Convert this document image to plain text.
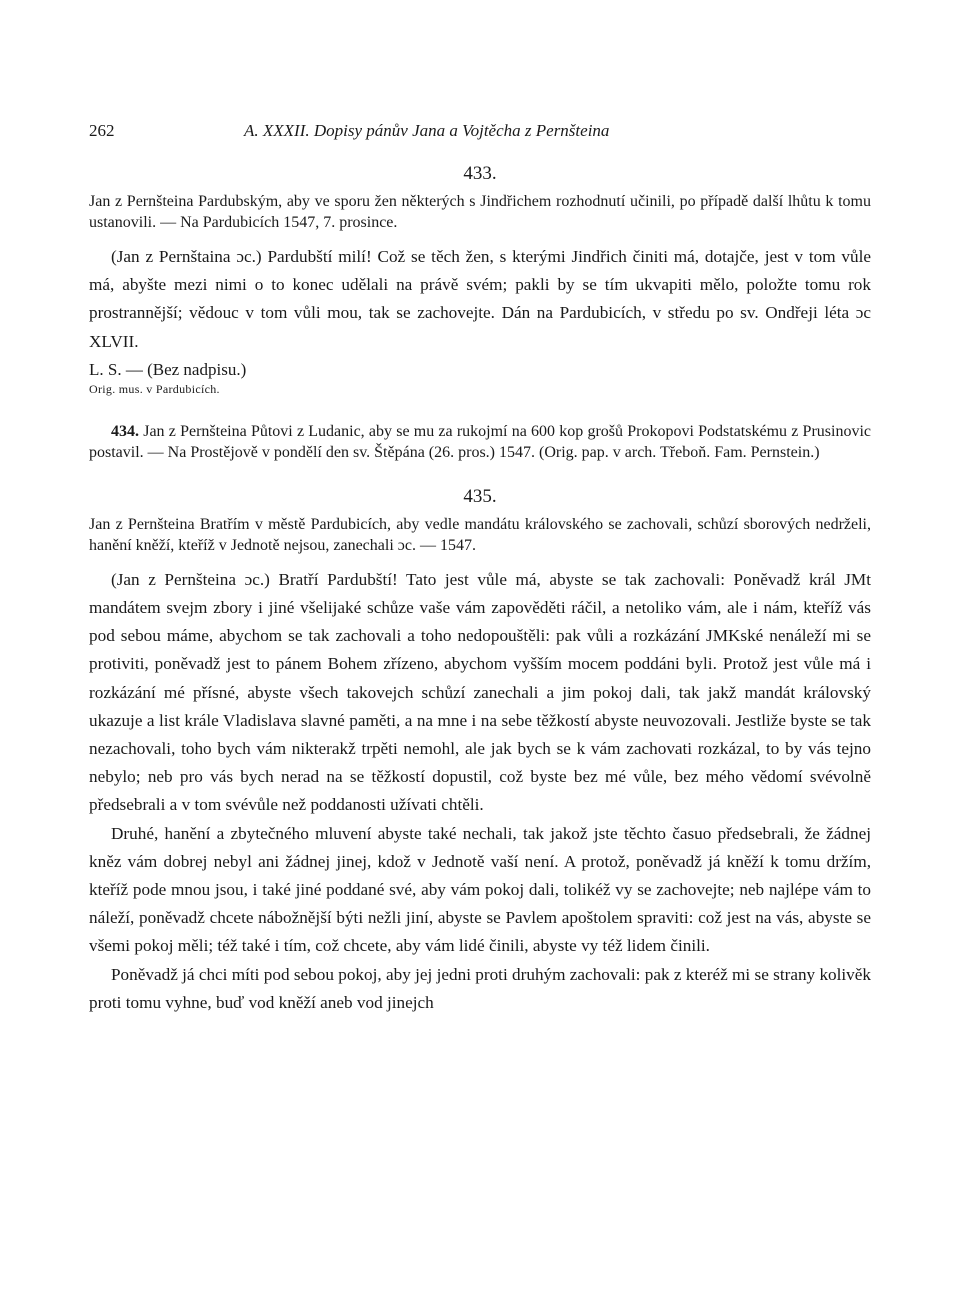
262	A. XXXII. Dopisy pánův Jana a Vojtěcha z Pernšteina
433.
Jan z Pernšteina Pardubským, aby ve sporu žen některých s Jindřichem rozhodnutí učinili, po případě další lhůtu k tomu ustanovili. — Na Pardubicích 1547, 7. prosince.

(Jan z Pernštaina ɔc.) Pardubští milí! Což se těch žen, s kterými Jindřich činiti má, dotajče, jest v tom vůle má, abyšte mezi nimi o to konec udělali na právě svém; pakli by se tím ukvapiti mělo, položte tomu rok prostrannější; vědouc v tom vůli mou, tak se zachovejte. Dán na Pardubicích, v středu po sv. Ondřeji léta ɔc XLVII.

L. S. — (Bez nadpisu.)
Orig. mus. v Pardubicích.
434. Jan z Pernšteina Půtovi z Ludanic, aby se mu za rukojmí na 600 kop grošů Prokopovi Podstatskému z Prusinovic postavil. — Na Prostějově v pondělí den sv. Štěpána (26. pros.) 1547. (Orig. pap. v arch. Třeboň. Fam. Pernstein.)
435.
Jan z Pernšteina Bratřím v městě Pardubicích, aby vedle mandátu královského se zachovali, schůzí sborových nedrželi, hanění kněží, kteříž v Jednotě nejsou, zanechali ɔc. — 1547.

(Jan z Pernšteina ɔc.) Bratří Pardubští! Tato jest vůle má, abyste se tak zachovali: Poněvadž král JMt mandátem svejm zbory i jiné všelijaké schůze vaše vám zapověděti ráčil, a netoliko vám, ale i nám, kteříž vás pod sebou máme, abychom se tak zachovali a toho nedopouštěli: pak vůli a rozkázání JMKské nenáleží mi se protiviti, poněvadž jest to pánem Bohem zřízeno, abychom vyšším mocem poddáni byli. Protož jest vůle má i rozkázání mé přísné, abyste všech takovejch schůzí zanechali a jim pokoj dali, tak jakž mandát královský ukazuje a list krále Vladislava slavné paměti, a na mne i na sebe těžkostí abyste neuvozovali. Jestliže byste se tak nezachovali, toho bych vám nikterakž trpěti nemohl, ale jak bych se k vám zachovati rozkázal, to by vás tejno nebylo; neb pro vás bych nerad na se těžkostí dopustil, což byste bez mé vůle, bez mého vědomí svévolně předsebrali a v tom svévůle než poddanosti užívati chtěli.

Druhé, hanění a zbytečného mluvení abyste také nechali, tak jakož jste těchto časuo předsebrali, že žádnej kněz vám dobrej nebyl ani žádnej jinej, kdož v Jednotě vaší není. A protož, poněvadž já kněží k tomu držím, kteříž pode mnou jsou, i také jiné poddané své, aby vám pokoj dali, tolikéž vy se zachovejte; neb najlépe vám to náleží, poněvadž chcete nábožnější býti nežli jiní, abyste se Pavlem apoštolem spraviti: což jest na vás, abyste se všemi pokoj měli; též také i tím, což chcete, aby vám lidé činili, abyste vy též lidem činili.

Poněvadž já chci míti pod sebou pokoj, aby jej jedni proti druhým zachovali: pak z kteréž mi se strany kolivěk proti tomu vyhne, buď vod kněží aneb vod jinejch
